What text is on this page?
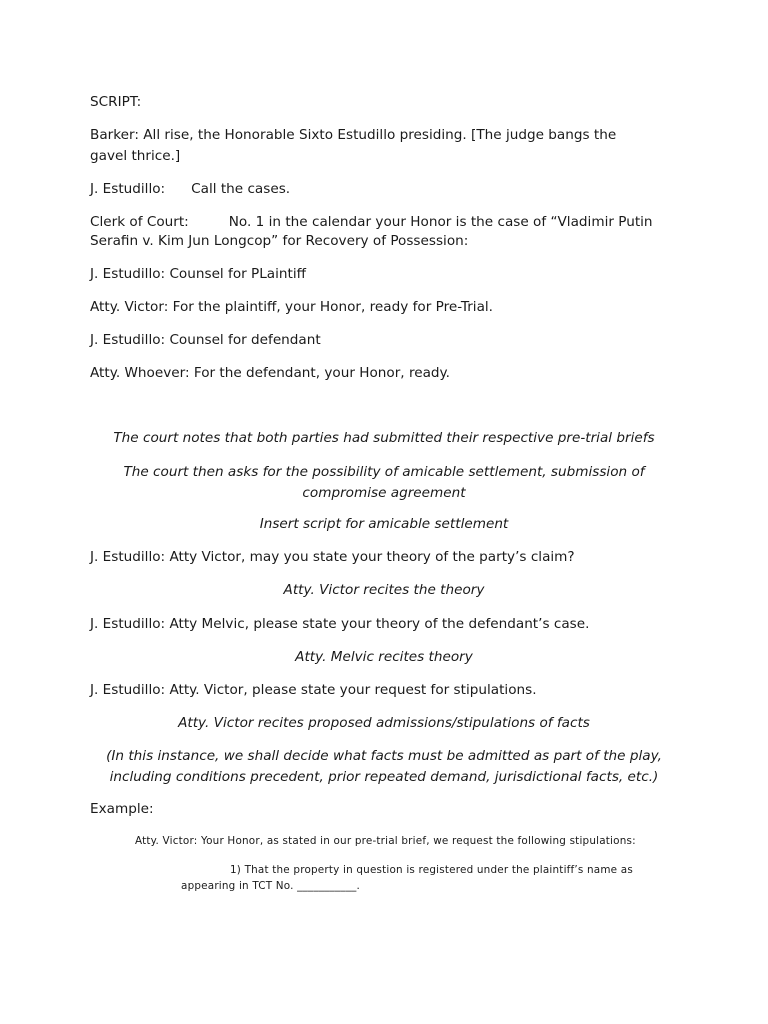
SCRIPT:
Barker: All rise, the Honorable Sixto Estudillo presiding. [The judge bangs the gavel thrice.]
J. Estudillo: Call the cases.
Clerk of Court:	No. 1 in the calendar your Honor is the case of “Vladimir Putin
Serafin v. Kim Jun Longcop” for Recovery of Possession:
J. Estudillo: Counsel for PLaintiff
Atty. Victor: For the plaintiff, your Honor, ready for Pre-Trial.
J. Estudillo: Counsel for defendant
Atty. Whoever: For the defendant, your Honor, ready.
The court notes that both parties had submitted their respective pre-trial briefs
The court then asks for the possibility of amicable settlement, submission of compromise agreement
Insert script for amicable settlement
J. Estudillo: Atty Victor, may you state your theory of the party’s claim?
Atty. Victor recites the theory
J. Estudillo: Atty Melvic, please state your theory of the defendant’s case.
Atty. Melvic recites theory
J. Estudillo: Atty. Victor, please state your request for stipulations.
Atty. Victor recites proposed admissions/stipulations of facts
(In this instance, we shall decide what facts must be admitted as part of the play, including conditions precedent, prior repeated demand, jurisdictional facts, etc.)
Example:
Atty. Victor: Your Honor, as stated in our pre-trial brief, we request the following stipulations:
1) That the property in question is registered under the plaintiff’s name as
appearing in TCT No. ___________.
